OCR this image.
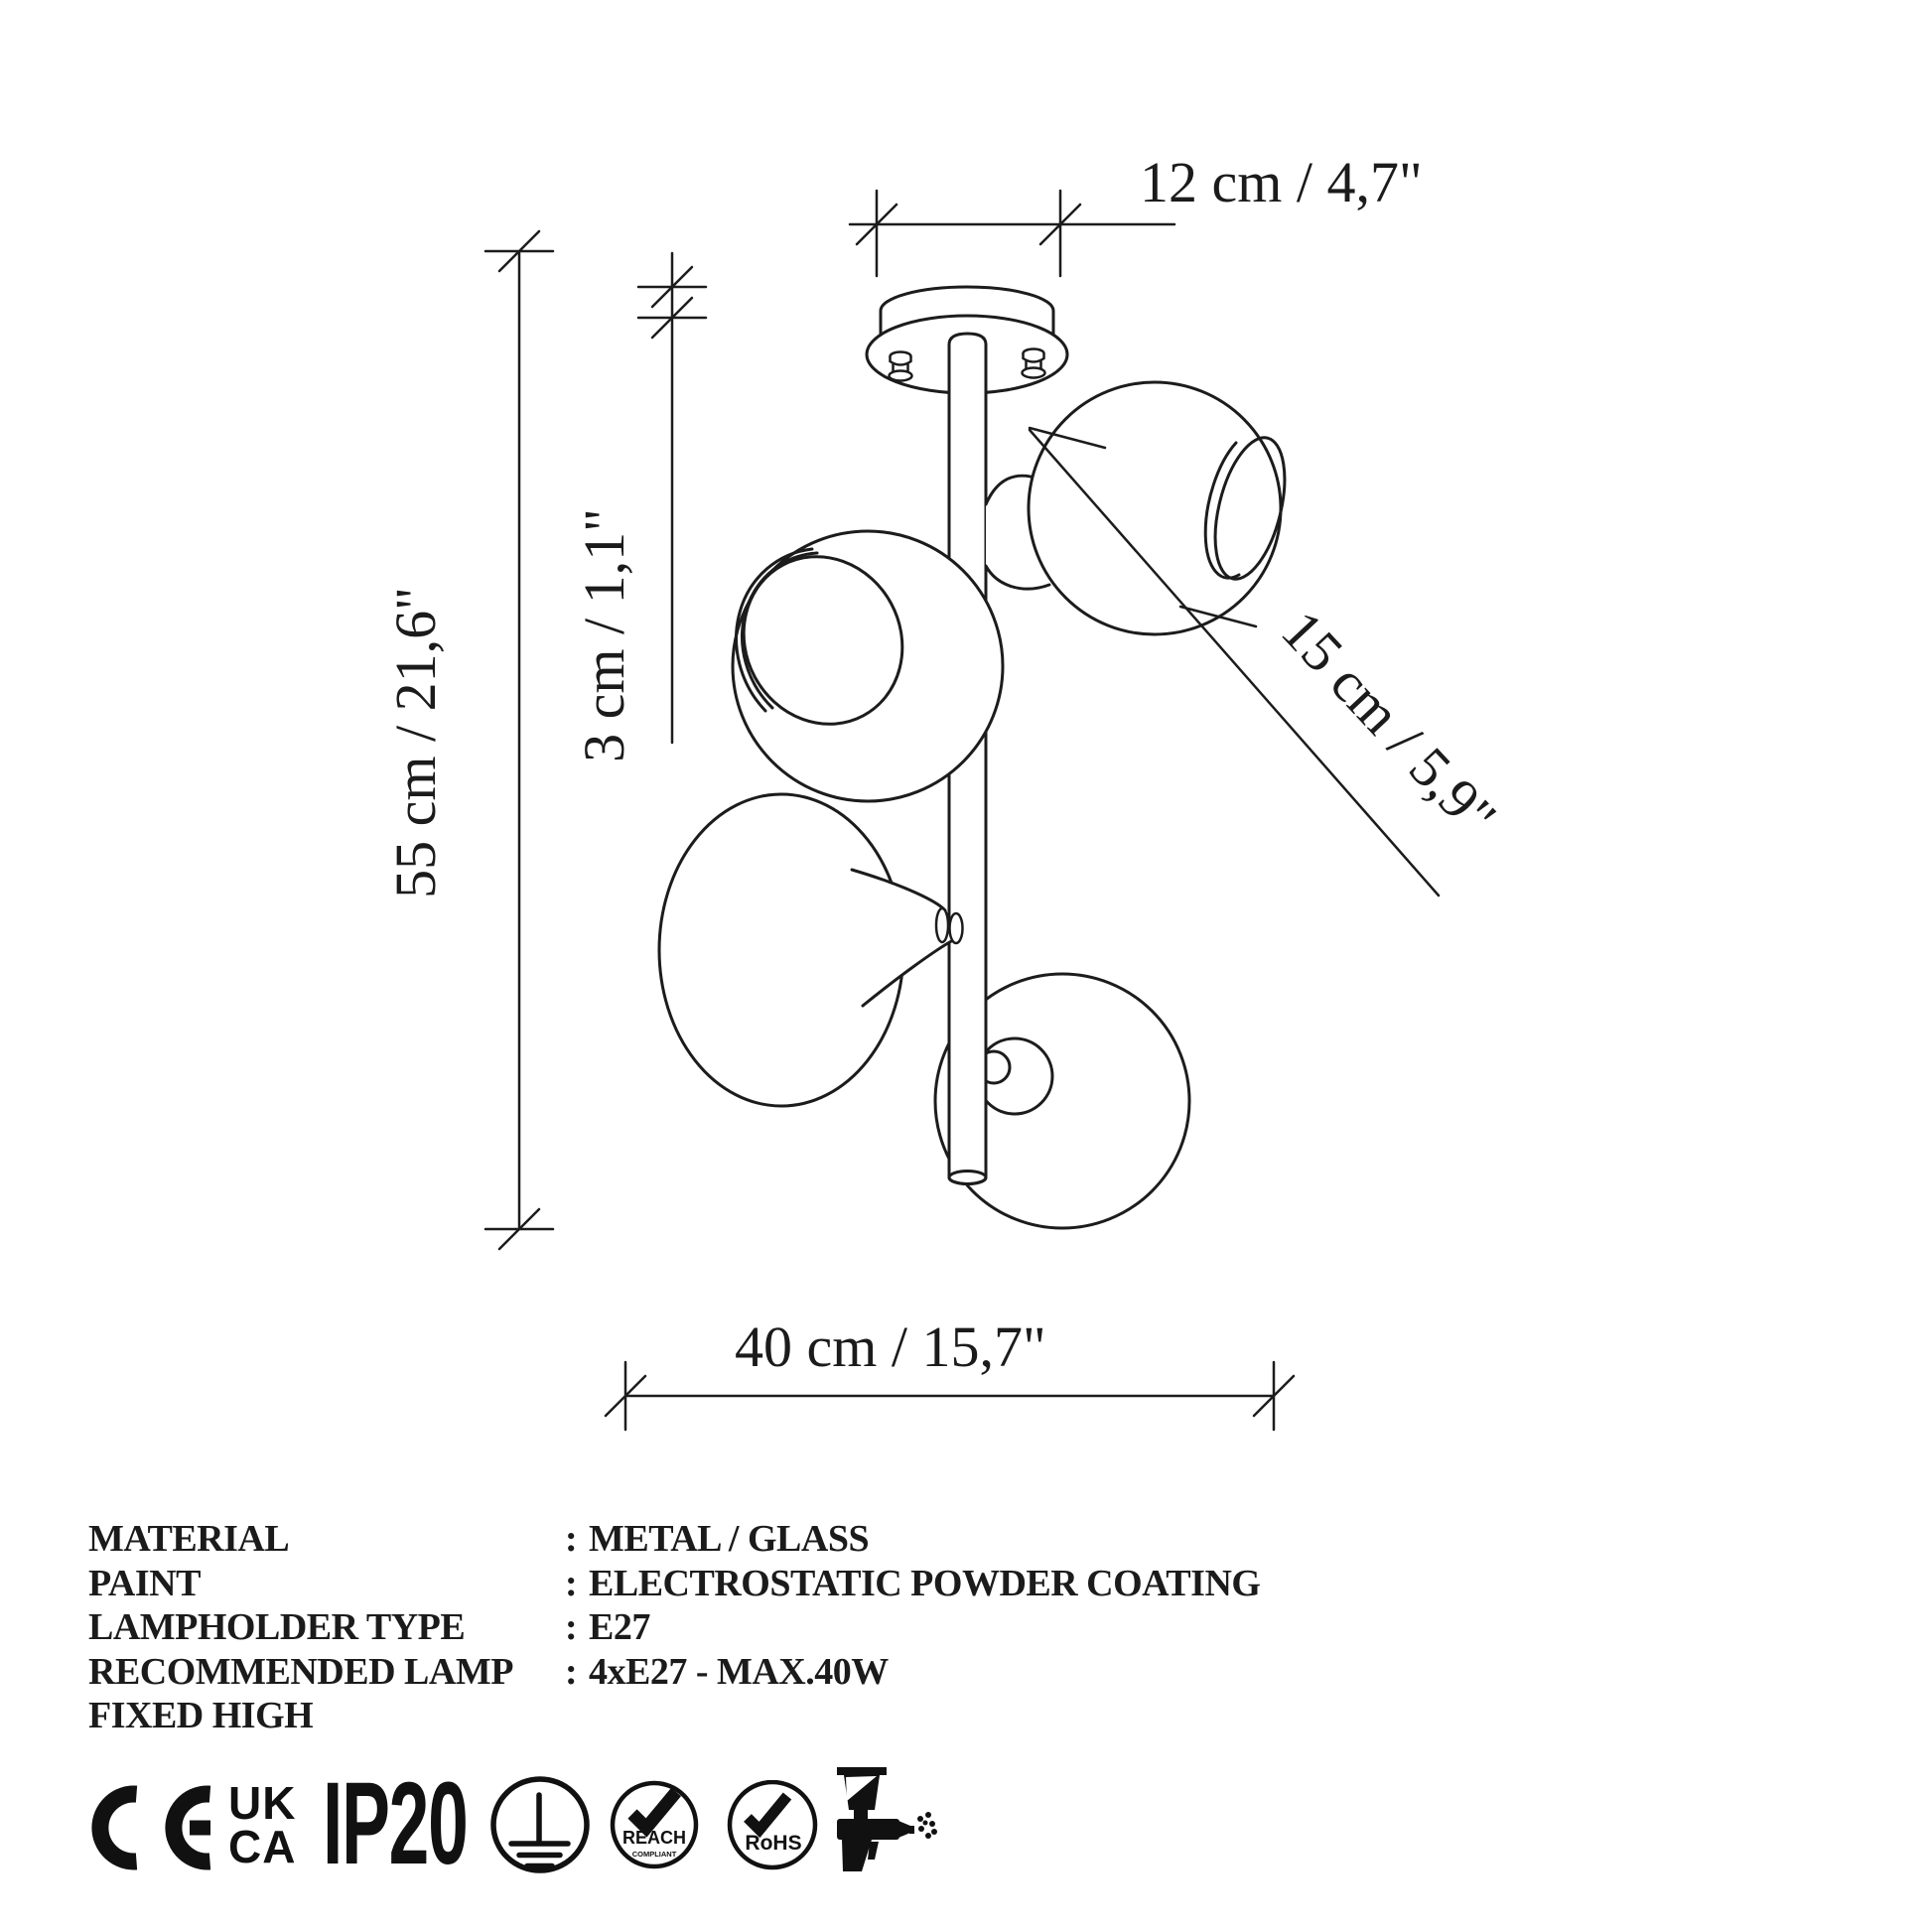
12 cm / 4,7"
55 cm / 21,6" 3 cm / 1,1"	15 cm / 5,9"
40 cm / 15,7"
MATERIAL	: METAL / GLASS
PAINT	: ELECTROSTATIC POWDER COATING
LAMPHOLDER TYPE	: E27
RECOMMENDED LAMP	: 4xE27 - MAX.40W
FIXED HIGH
UK
CA IP20	REACH
COMPLIANT	RoHS
